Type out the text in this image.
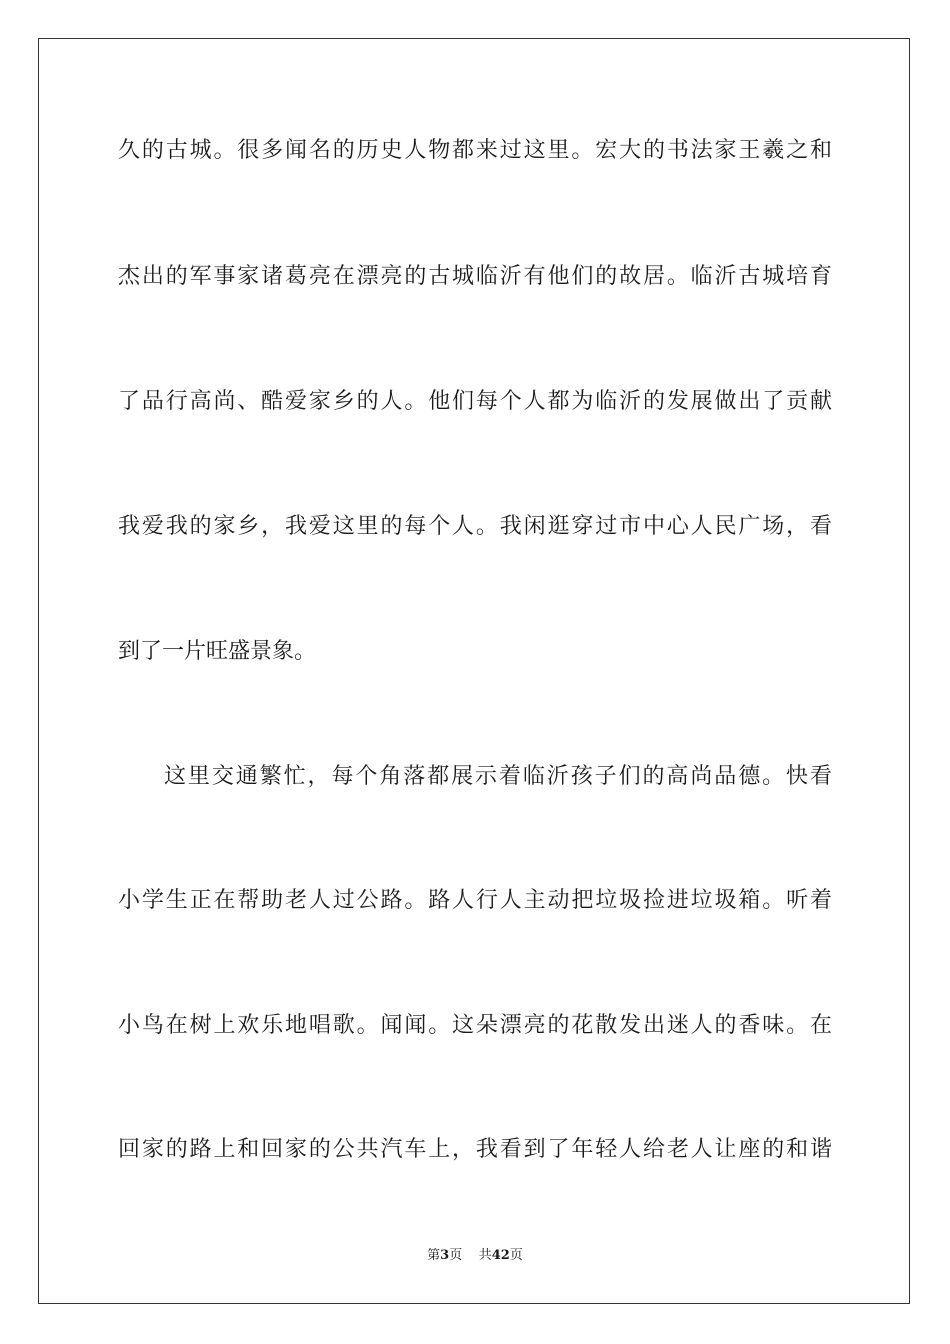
久的古城。很多闻名的历史人物都来过这里。宏大的书法家王羲之和
杰出的军事家诸葛亮在漂亮的古城临沂有他们的故居。临沂古城培育
了品行高尚、酷爱家乡的人。他们每个人都为临沂的发展做出了贡献
我爱我的家乡，我爱这里的每个人。我闲逛穿过市中心人民广场，看
到了一片旺盛景象。
这里交通繁忙，每个角落都展示着临沂孩子们的高尚品德。快看
小学生正在帮助老人过公路。路人行人主动把垃圾捡进垃圾箱。听着
小鸟在树上欢乐地唱歌。闻闻。这朵漂亮的花散发出迷人的香味。在
回家的路上和回家的公共汽车上，我看到了年轻人给老人让座的和谐
第3页 共42页
